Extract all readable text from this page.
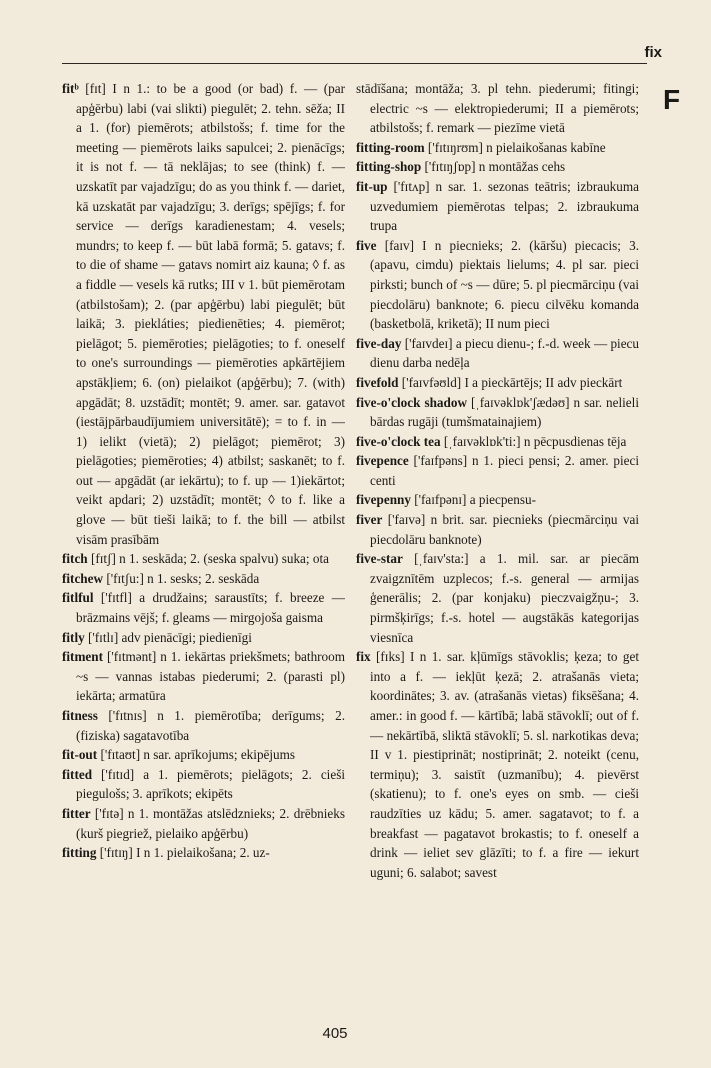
fix
F

fitᵇ [fɪt] I n 1.: to be a good (or bad) f. — (par apģērbu) labi (vai slikti) piegulēt; 2. tehn. sēža; II a 1. (for) piemērots; atbilstošs; f. time for the meeting — piemērots laiks sapulcei; 2. pienācīgs; it is not f. — tā neklājas; to see (think) f. — uzskatīt par vajadzīgu; do as you think f. — dariet, kā uzskatāt par vajadzīgu; 3. derīgs; spējīgs; f. for service — derīgs karadienestam; 4. vesels; mundrs; to keep f. — būt labā formā; 5. gatavs; f. to die of shame — gatavs nomirt aiz kauna; ◊ f. as a fiddle — vesels kā rutks; III v 1. būt piemērotam (atbilstošam); 2. (par apģērbu) labi piegulēt; būt laikā; 3. piekláties; piedienēties; 4. piemērot; pielāgot; 5. piemēroties; pielāgoties; to f. oneself to one's surroundings — piemēroties apkārtējiem apstākļiem; 6. (on) pielaikot (apģērbu); 7. (with) apgādāt; 8. uzstādīt; montēt; 9. amer. sar. gatavot (iestājpārbaudījumiem universitātē); = to f. in — 1) ielikt (vietā); 2) pielāgot; piemērot; 3) pielāgoties; piemēroties; 4) atbilst; saskanēt; to f. out — apgādāt (ar iekārtu); to f. up — 1)iekārtot; veikt apdari; 2) uzstādīt; montēt; ◊ to f. like a glove — būt tieši laikā; to f. the bill — atbilst visām prasībām

fitch [fɪtʃ] n 1. seskāda; 2. (seska spalvu) suka; ota

fitchew ['fɪtʃu:] n 1. sesks; 2. seskāda

fitlful ['fɪtfl] a drudžains; saraustīts; f. breeze — brāzmains vējš; f. gleams — mirgojoša gaisma

fitly ['fɪtlɪ] adv pienācīgi; piedienīgi

fitment ['fɪtmənt] n 1. iekārtas priekšmets; bathroom ~s — vannas istabas piederumi; 2. (parasti pl) iekārta; armatūra

fitness ['fɪtnɪs] n 1. piemērotība; derīgums; 2. (fiziska) sagatavotība

fit-out ['fɪtaʊt] n sar. aprīkojums; ekipējums

fitted ['fɪtɪd] a 1. piemērots; pielāgots; 2. cieši piegulošs; 3. aprīkots; ekipēts

fitter ['fɪtə] n 1. montāžas atslēdznieks; 2. drēbnieks (kurš piegriež, pielaiko apģērbu)

fitting ['fɪtɪŋ] I n 1. pielaikošana; 2. uz-

stādīšana; montāža; 3. pl tehn. piederumi; fitingi; electric ~s — elektropiederumi; II a piemērots; atbilstošs; f. remark — piezīme vietā

fitting-room ['fɪtɪŋrʊm] n pielaikošanas kabīne

fitting-shop ['fɪtɪŋʃɒp] n montāžas cehs

fit-up ['fɪtʌp] n sar. 1. sezonas teātris; izbraukuma uzvedumiem piemērotas telpas; 2. izbraukuma trupa

five [faɪv] I n piecnieks; 2. (kāršu) piecacis; 3. (apavu, cimdu) piektais lielums; 4. pl sar. pieci pirksti; bunch of ~s — dūre; 5. pl piecmārciņu (vai piecdolāru) banknote; 6. piecu cilvēku komanda (basketbolā, kriketā); II num pieci

five-day ['faɪvdeɪ] a piecu dienu-; f.-d. week — piecu dienu darba nedēļa

fivefold ['faɪvfəʊld] I a pieckārtējs; II adv pieckārt

five-o'clock shadow [ˌfaɪvəklɒk'ʃædəʊ] n sar. nelieli bārdas rugāji (tumšmatainajiem)

five-o'clock tea [ˌfaɪvəklɒk'ti:] n pēcpusdienas tēja

fivepence ['faɪfpəns] n 1. pieci pensi; 2. amer. pieci centi

fivepenny ['faɪfpənɪ] a piecpensu-

fiver ['faɪvə] n brit. sar. piecnieks (piecmārciņu vai piecdolāru banknote)

five-star [ˌfaɪv'sta:] a 1. mil. sar. ar piecām zvaigznītēm uzplecos; f.-s. general — armijas ģenerālis; 2. (par konjaku) pieczvaigžņu-; 3. pirmšķirīgs; f.-s. hotel — augstākās kategorijas viesnīca

fix [fɪks] I n 1. sar. kļūmīgs stāvoklis; ķeza; to get into a f. — iekļūt ķezā; 2. atrašanās vieta; koordinātes; 3. av. (atrašanās vietas) fiksēšana; 4. amer.: in good f. — kārtībā; labā stāvoklī; out of f. — nekārtībā, sliktā stāvoklī; 5. sl. narkotikas deva; II v 1. piestiprināt; nostiprināt; 2. noteikt (cenu, termiņu); 3. saistīt (uzmanību); 4. pievērst (skatienu); to f. one's eyes on smb. — cieši raudzīties uz kādu; 5. amer. sagatavot; to f. a breakfast — pagatavot brokastis; to f. oneself a drink — ieliet sev glāzīti; to f. a fire — iekurt uguni; 6. salabot; savest

405
